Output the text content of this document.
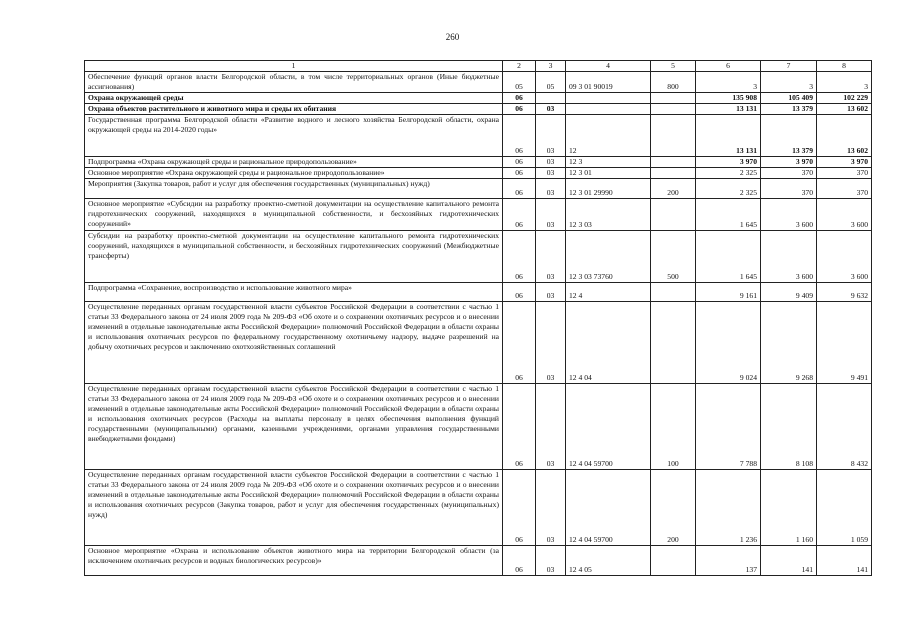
260
1	2	3	4	5	6	7	8
Обеспечение функций органов власти Белгородской области, в том числе территориальных органов (Иные бюджетные ассигнования)	05	05	09 3 01 90019	800	3	3	3
Охрана окружающей среды	06				135 908	105 409	102 229
Охрана объектов растительного и животного мира и среды их обитания	06	03			13 131	13 379	13 602
Государственная программа Белгородской области «Развитие водного и лесного хозяйства Белгородской области, охрана окружающей среды на 2014-2020 годы»	06	03	12		13 131	13 379	13 602
Подпрограмма «Охрана окружающей среды и рациональное природопользование»	06	03	12 3		3 970	3 970	3 970
Основное мероприятие «Охрана окружающей среды и рациональное природопользование»	06	03	12 3 01		2 325	370	370
Мероприятия (Закупка товаров, работ и услуг для обеспечения государственных (муниципальных) нужд)	06	03	12 3 01 29990	200	2 325	370	370
Основное мероприятие «Субсидии на разработку проектно-сметной документации на осуществление капитального ремонта гидротехнических сооружений, находящихся в муниципальной собственности, и бесхозяйных гидротехнических сооружений»	06	03	12 3 03		1 645	3 600	3 600
Субсидии на разработку проектно-сметной документации на осуществление капитального ремонта гидротехнических сооружений, находящихся в муниципальной собственности, и бесхозяйных гидротехнических сооружений (Межбюджетные трансферты)	06	03	12 3 03 73760	500	1 645	3 600	3 600
Подпрограмма «Сохранение, воспроизводство и использование животного мира»	06	03	12 4		9 161	9 409	9 632
Осуществление переданных органам государственной власти субъектов Российской Федерации в соответствии с частью 1 статьи 33 Федерального закона от 24 июля 2009 года № 209-ФЗ «Об охоте и о сохранении охотничьих ресурсов и о внесении изменений в отдельные законодательные акты Российской Федерации» полномочий Российской Федерации в области охраны и использования охотничьих ресурсов по федеральному государственному охотничьему надзору, выдаче разрешений на добычу охотничьих ресурсов и заключению охотхозяйственных соглашений	06	03	12 4 04		9 024	9 268	9 491
Осуществление переданных органам государственной власти субъектов Российской Федерации в соответствии с частью 1 статьи 33 Федерального закона от 24 июля 2009 года № 209-ФЗ «Об охоте и о сохранении охотничьих ресурсов и о внесении изменений в отдельные законодательные акты Российской Федерации» полномочий Российской Федерации в области охраны и использования охотничьих ресурсов (Расходы на выплаты персоналу в целях обеспечения выполнения функций государственными (муниципальными) органами, казенными учреждениями, органами управления государственными внебюджетными фондами)	06	03	12 4 04 59700	100	7 788	8 108	8 432
Осуществление переданных органам государственной власти субъектов Российской Федерации в соответствии с частью 1 статьи 33 Федерального закона от 24 июля 2009 года № 209-ФЗ «Об охоте и о сохранении охотничьих ресурсов и о внесении изменений в отдельные законодательные акты Российской Федерации» полномочий Российской Федерации в области охраны и использования охотничьих ресурсов (Закупка товаров, работ и услуг для обеспечения государственных (муниципальных) нужд)	06	03	12 4 04 59700	200	1 236	1 160	1 059
Основное мероприятие «Охрана и использование объектов животного мира на территории Белгородской области (за исключением охотничьих ресурсов и водных биологических ресурсов)»	06	03	12 4 05		137	141	141
